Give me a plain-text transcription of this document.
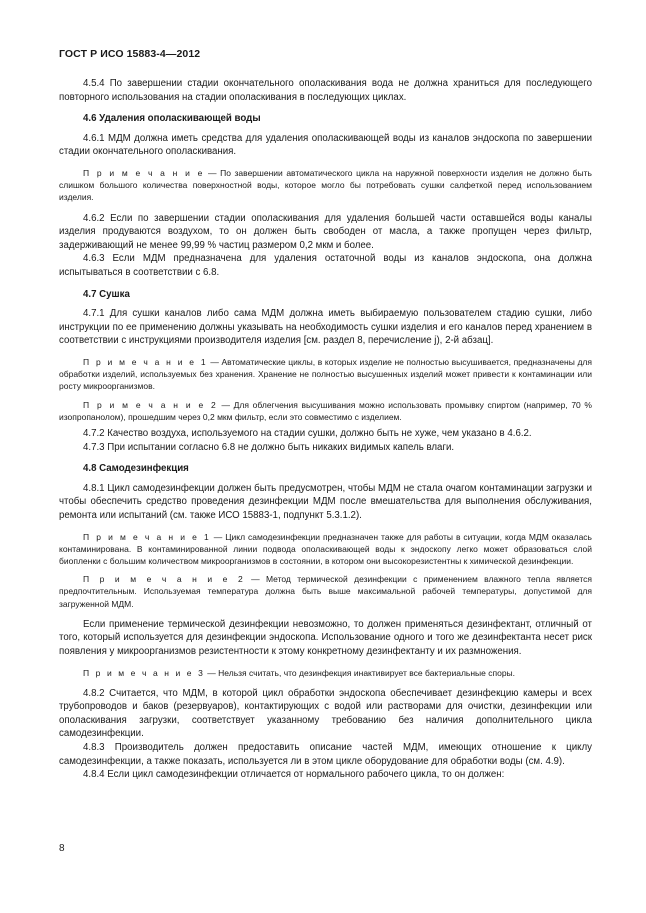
ГОСТ Р ИСО 15883-4—2012

4.5.4 По завершении стадии окончательного ополаскивания вода не должна храниться для последующего повторного использования на стадии ополаскивания в последующих циклах.

4.6 Удаления ополаскивающей воды

4.6.1 МДМ должна иметь средства для удаления ополаскивающей воды из каналов эндоскопа по завершении стадии окончательного ополаскивания.

П р и м е ч а н и е — По завершении автоматического цикла на наружной поверхности изделия не должно быть слишком большого количества поверхностной воды, которое могло бы потребовать сушки салфеткой перед использованием изделия.

4.6.2 Если по завершении стадии ополаскивания для удаления большей части оставшейся воды каналы изделия продуваются воздухом, то он должен быть свободен от масла, а также пропущен через фильтр, задерживающий не менее 99,99 % частиц размером 0,2 мкм и более.

4.6.3 Если МДМ предназначена для удаления остаточной воды из каналов эндоскопа, она должна испытываться в соответствии с 6.8.

4.7 Сушка

4.7.1 Для сушки каналов либо сама МДМ должна иметь выбираемую пользователем стадию сушки, либо инструкции по ее применению должны указывать на необходимость сушки изделия и его каналов перед хранением в соответствии с инструкциями производителя изделия [см. раздел 8, перечисление j), 2-й абзац].

П р и м е ч а н и е 1 — Автоматические циклы, в которых изделие не полностью высушивается, предназначены для обработки изделий, используемых без хранения. Хранение не полностью высушенных изделий может привести к контаминации или росту микроорганизмов.

П р и м е ч а н и е 2 — Для облегчения высушивания можно использовать промывку спиртом (например, 70 % изопропанолом), прошедшим через 0,2 мкм фильтр, если это совместимо с изделием.

4.7.2 Качество воздуха, используемого на стадии сушки, должно быть не хуже, чем указано в 4.6.2.

4.7.3 При испытании согласно 6.8 не должно быть никаких видимых капель влаги.

4.8 Самодезинфекция

4.8.1 Цикл самодезинфекции должен быть предусмотрен, чтобы МДМ не стала очагом контаминации загрузки и чтобы обеспечить средство проведения дезинфекции МДМ после вмешательства для выполнения обслуживания, ремонта или испытаний (см. также ИСО 15883-1, подпункт 5.3.1.2).

П р и м е ч а н и е 1 — Цикл самодезинфекции предназначен также для работы в ситуации, когда МДМ оказалась контаминирована. В контаминированной линии подвода ополаскивающей воды к эндоскопу легко может образоваться слой биопленки с большим количеством микроорганизмов в состоянии, в котором они высокорезистентны к химической дезинфекции.

П р и м е ч а н и е 2 — Метод термической дезинфекции с применением влажного тепла является предпочтительным. Используемая температура должна быть выше максимальной рабочей температуры, допустимой для загруженной МДМ.

Если применение термической дезинфекции невозможно, то должен применяться дезинфектант, отличный от того, который используется для дезинфекции эндоскопа. Использование одного и того же дезинфектанта несет риск появления у микроорганизмов резистентности к этому конкретному дезинфектанту и их размножения.

П р и м е ч а н и е 3 — Нельзя считать, что дезинфекция инактивирует все бактериальные споры.

4.8.2 Считается, что МДМ, в которой цикл обработки эндоскопа обеспечивает дезинфекцию камеры и всех трубопроводов и баков (резервуаров), контактирующих с водой или растворами для очистки, дезинфекции или ополаскивания загрузки, соответствует указанному требованию без наличия дополнительного цикла самодезинфекции.

4.8.3 Производитель должен предоставить описание частей МДМ, имеющих отношение к циклу самодезинфекции, а также показать, используется ли в этом цикле оборудование для обработки воды (см. 4.9).

4.8.4 Если цикл самодезинфекции отличается от нормального рабочего цикла, то он должен:

8
